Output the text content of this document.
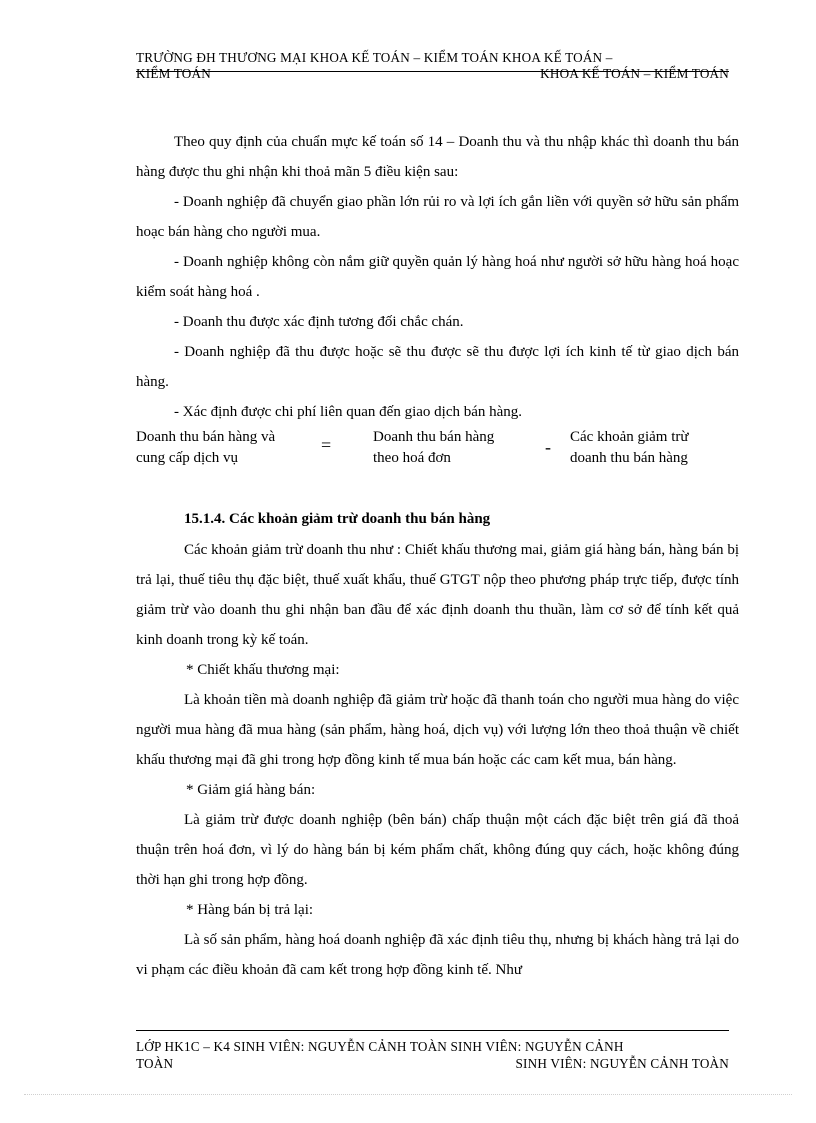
TRƯỜNG ĐH THƯƠNG MẠI KHOA KẾ TOÁN – KIỂM TOÁN KHOA KẾ TOÁN –
KIỂM TOÁN	KHOA KẾ TOÁN – KIỂM TOÁN

Theo quy định của chuẩn mực kế toán số 14 – Doanh thu và thu nhập khác thì doanh thu bán hàng được thu ghi nhận khi thoả mãn 5 điều kiện sau:

- Doanh nghiệp đã chuyển giao phần lớn rủi ro và lợi ích gắn liền với quyền sở hữu sản phẩm hoạc bán hàng cho người mua.

- Doanh nghiệp không còn nắm giữ quyền quản lý hàng hoá như người sở hữu hàng hoá hoạc kiểm soát hàng hoá .

- Doanh thu được xác định tương đối chắc chán.

- Doanh nghiệp đã thu được hoặc sẽ thu được sẽ thu được lợi ích kinh tế từ giao dịch bán hàng.

- Xác định được chi phí liên quan đến giao dịch bán hàng.

Doanh thu bán hàng và
cung cấp dịch vụ
=	Doanh thu bán hàng
theo hoá đơn
- Các khoản giảm trừ
doanh thu bán hàng
15.1.4. Các khoản giảm trừ doanh thu bán hàng

Các khoản giảm trừ doanh thu như : Chiết khấu thương mai, giảm giá hàng bán, hàng bán bị trả lại, thuế tiêu thụ đặc biệt, thuế xuất khẩu, thuế GTGT nộp theo phương pháp trực tiếp, được tính giảm trừ vào doanh thu ghi nhận ban đầu để xác định doanh thu thuần, làm cơ sở để tính kết quả kinh doanh trong kỳ kế toán.

* Chiết khấu thương mại:

Là khoản tiền mà doanh nghiệp đã giảm trừ hoặc đã thanh toán cho người mua hàng do việc người mua hàng đã mua hàng (sản phẩm, hàng hoá, dịch vụ) với lượng lớn theo thoả thuận về chiết khấu thương mại đã ghi trong hợp đồng kinh tế mua bán hoặc các cam kết mua, bán hàng.

* Giảm giá hàng bán:

Là giảm trừ được doanh nghiệp (bên bán) chấp thuận một cách đặc biệt trên giá đã thoả thuận trên hoá đơn, vì lý do hàng bán bị kém phẩm chất, không đúng quy cách, hoặc không đúng thời hạn ghi trong hợp đồng.

* Hàng bán bị trả lại:

Là số sản phẩm, hàng hoá doanh nghiệp đã xác định tiêu thụ, nhưng bị khách hàng trả lại do vi phạm các điều khoản đã cam kết trong hợp đồng kinh tế. Như

LỚP HK1C – K4 SINH VIÊN: NGUYỄN CẢNH TOÀN SINH VIÊN: NGUYỄN CẢNH
TOÀN	SINH VIÊN: NGUYỄN CẢNH TOÀN
